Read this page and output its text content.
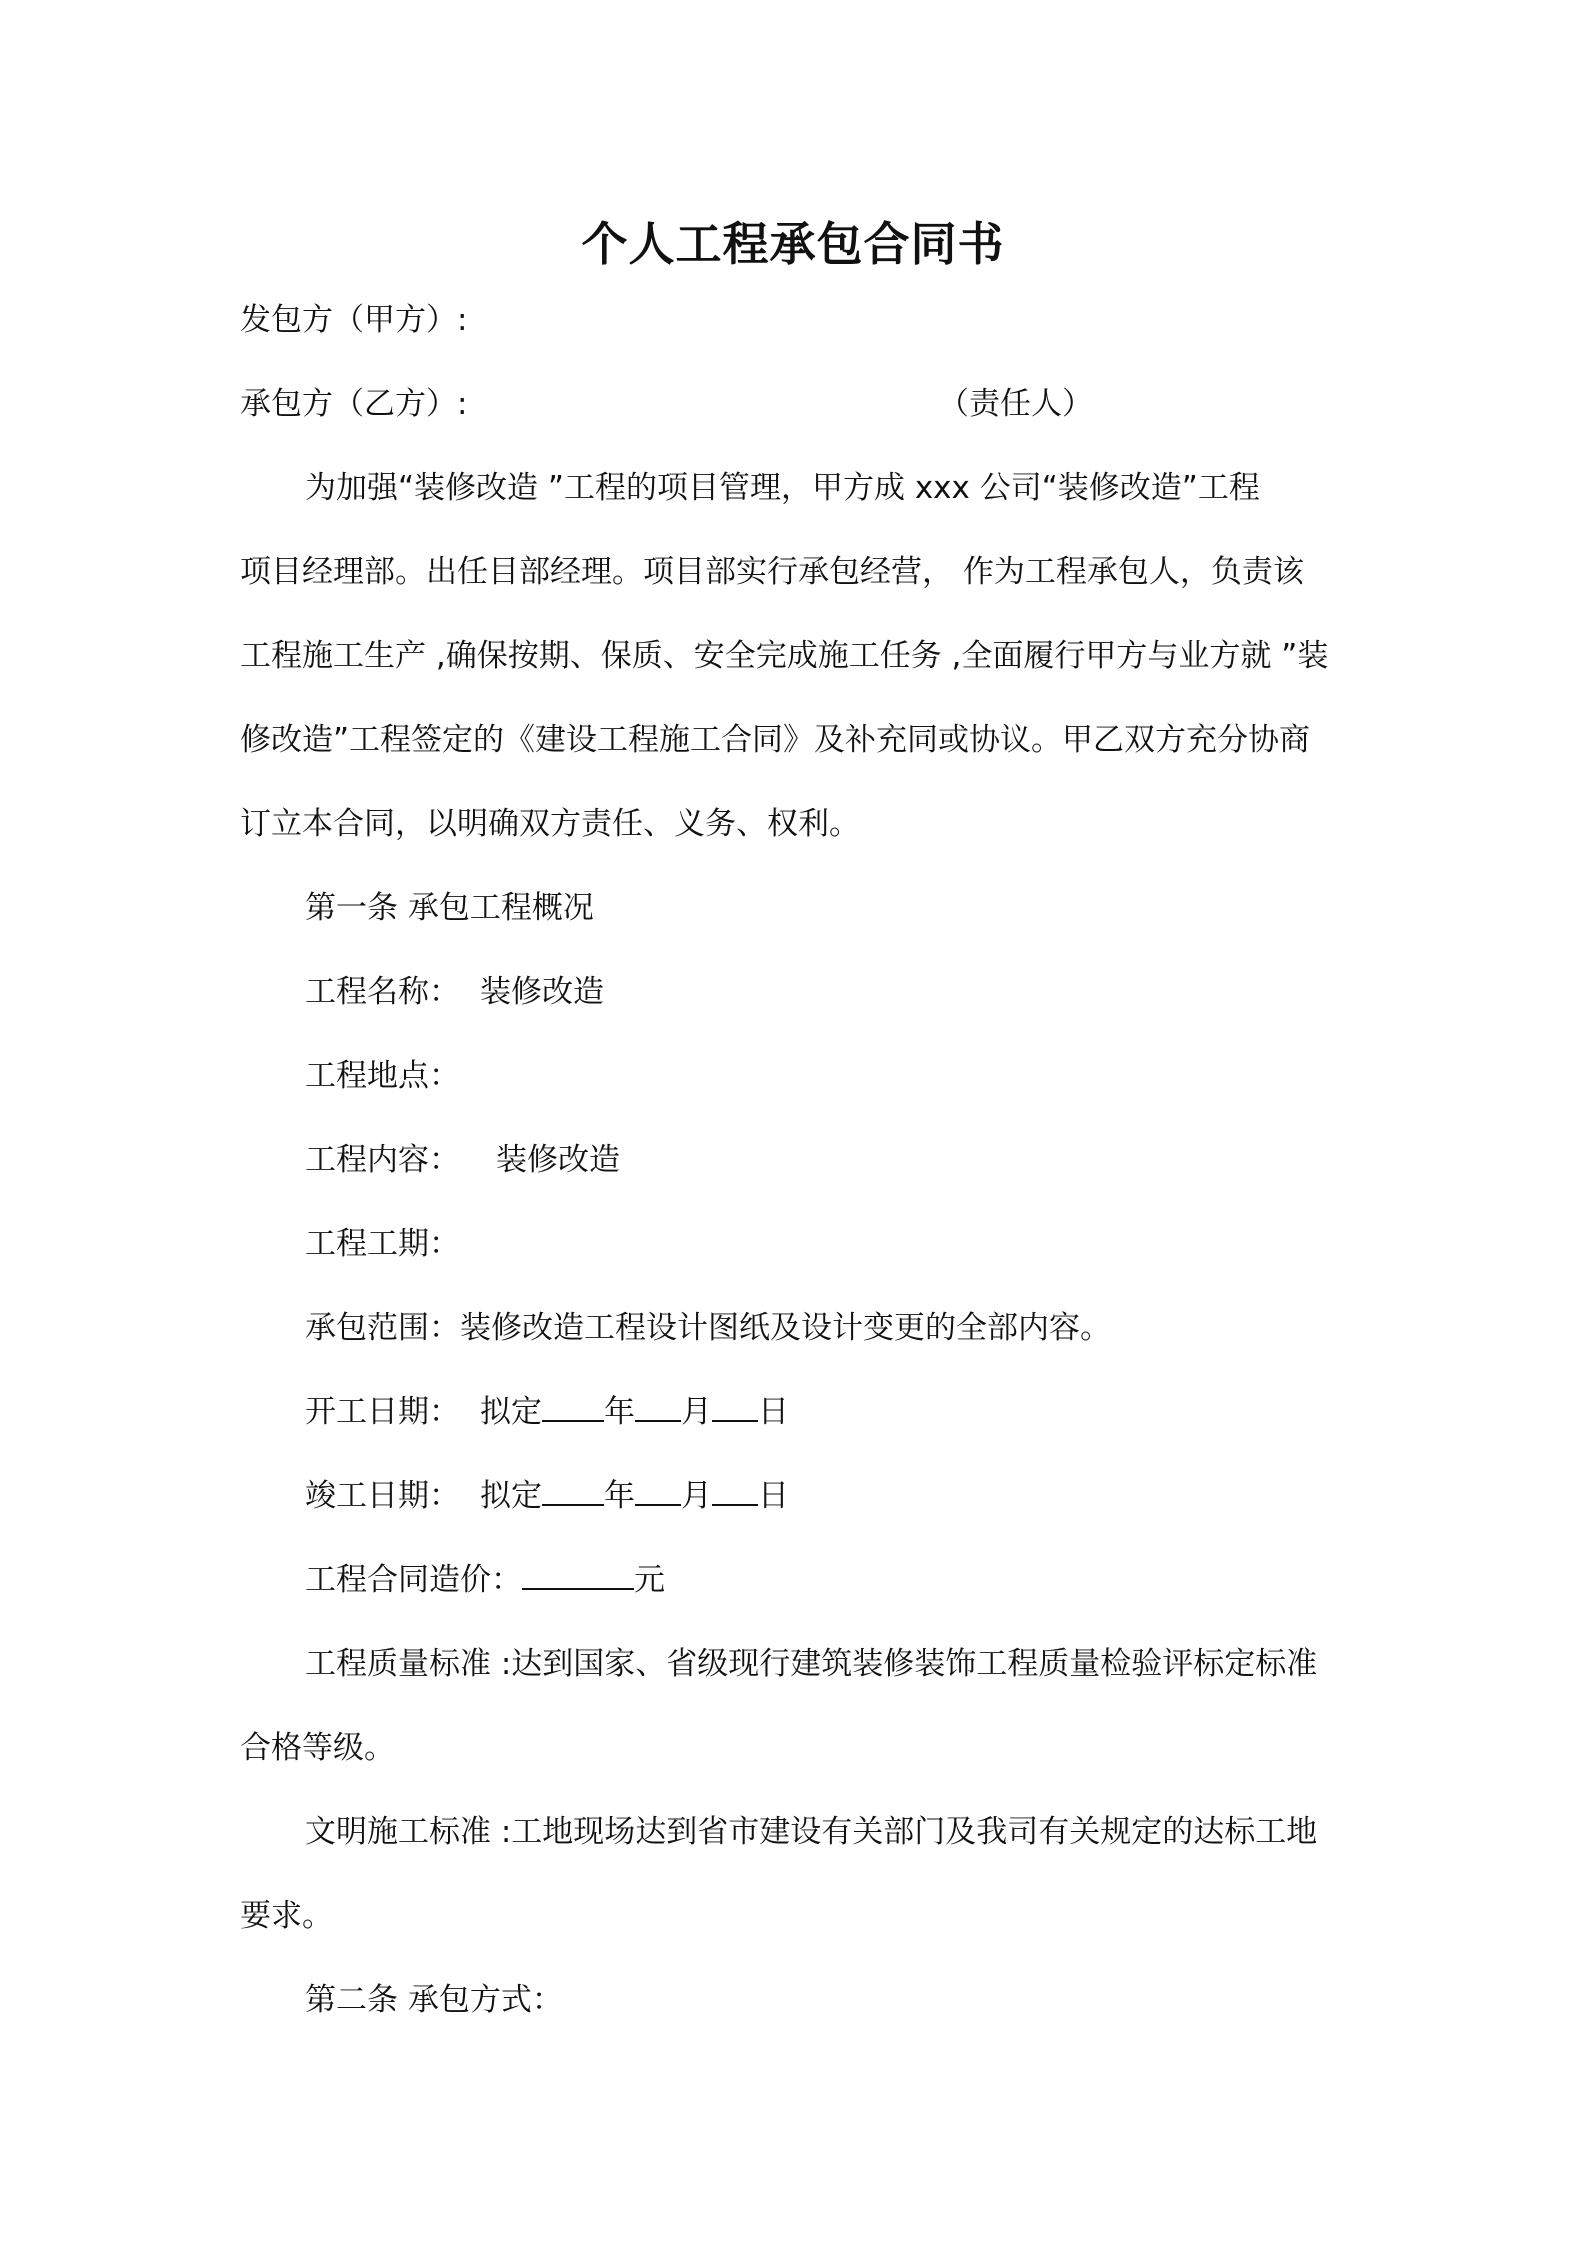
个人工程承包合同书
发包方（甲方）:
承包方（乙方）:	（责任人）
为加强“装修改造 ”工程的项目管理，甲方成 xxx 公司“装修改造”工程
项目经理部。出任目部经理。项目部实行承包经营， 作为工程承包人，负责该
工程施工生产 ,确保按期、保质、安全完成施工任务 ,全面履行甲方与业方就 ”装
修改造”工程签定的《建设工程施工合同》及补充同或协议。甲乙双方充分协商
订立本合同，以明确双方责任、义务、权利。
第一条 承包工程概况
工程名称： 装修改造
工程地点：
工程内容： 装修改造
工程工期：
承包范围：装修改造工程设计图纸及设计变更的全部内容。
开工日期： 拟定 年 月 日
竣工日期： 拟定 年 月 日
工程合同造价：	元
工程质量标准 :达到国家、省级现行建筑装修装饰工程质量检验评标定标准
合格等级。
文明施工标准 :工地现场达到省市建设有关部门及我司有关规定的达标工地
要求。
第二条 承包方式：
